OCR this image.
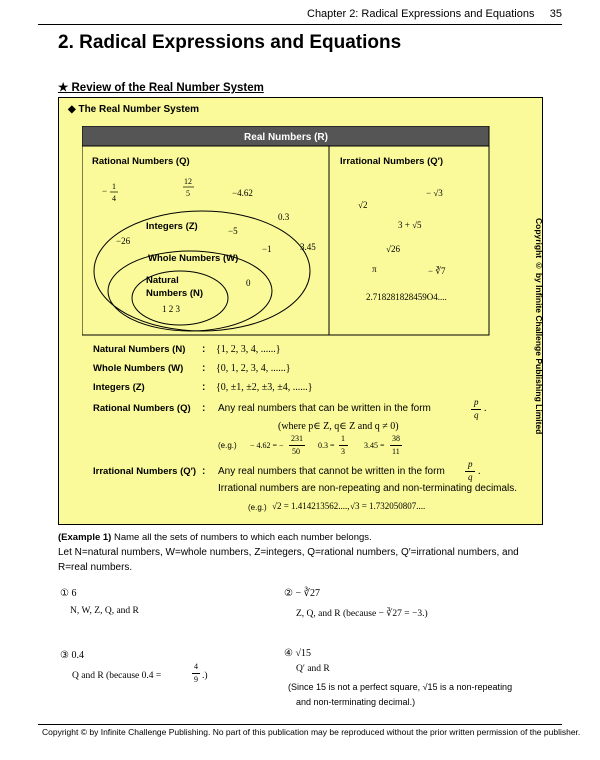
Chapter 2: Radical Expressions and Equations 35
2. Radical Expressions and Equations
★ Review of the Real Number System
◆ The Real Number System
Real Numbers (R)
Rational Numbers (Q)	Irrational Numbers (Q′)
Integers (Z)
Whole Numbers (W)
Natural
Numbers (N)
− 1
4
12
5	−4.62
0.3
−26
−5
3.45
−1
0
1 2 3
√2
− √3
3 + √5
√26
π	− ∛7
2.718281828459O4....
Natural Numbers (N) : {1, 2, 3, 4, ......}
Whole Numbers (W) : {0, 1, 2, 3, 4, ......}
Integers (Z)	: {0, ±1, ±2, ±3, ±4, ......}
Rational Numbers (Q) : Any real numbers that can be written in the form
p
q
.
(where p∈ Z, q∈ Z and q ≠ 0)
(e.g.) − 4.62 = −
231
50
0.3 =
1
3
3.45 =
38
11
Irrational Numbers (Q′) : Any real numbers that cannot be written in the form
p
q .
Irrational numbers are non-repeating and non-terminating decimals.
(e.g.) √2 = 1.414213562...., √3 = 1.732050807....
Copyright © by Infinite Challenge Publishing Limited
(Example 1) Name all the sets of numbers to which each number belongs.
Let N=natural numbers, W=whole numbers, Z=integers, Q=rational numbers, Q′=irrational numbers, and
R=real numbers.
① 6
N, W, Z, Q, and R
② − ∛27
Z, Q, and R (because − ∛27 = −3.)
③ 0.4
Q and R (because 0.4 =
4
9 .)
④ √15
Q′ and R
(Since 15 is not a perfect square, √15 is a non-repeating
and non-terminating decimal.)
Copyright © by Infinite Challenge Publishing. No part of this publication may be reproduced without the prior written permission of the publisher.
